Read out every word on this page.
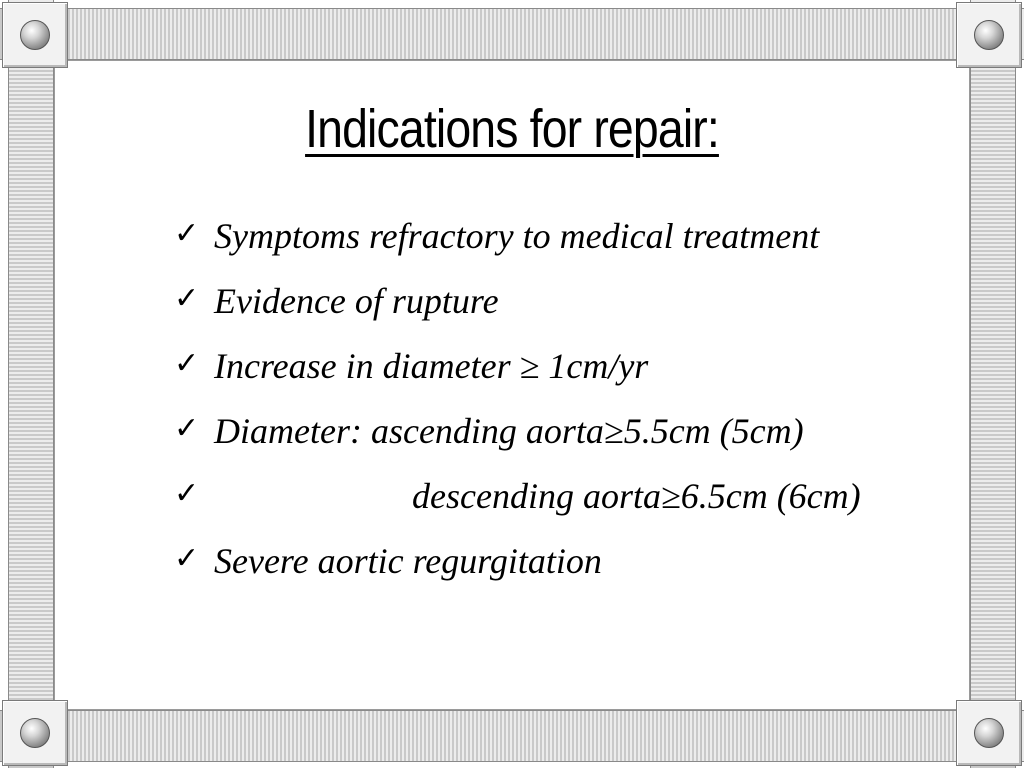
Indications for repair:
✓ Symptoms refractory to medical treatment
✓ Evidence of rupture
✓ Increase in diameter ≥ 1cm/yr
✓ Diameter: ascending aorta≥5.5cm (5cm)
✓	descending aorta≥6.5cm (6cm)
✓ Severe aortic regurgitation
